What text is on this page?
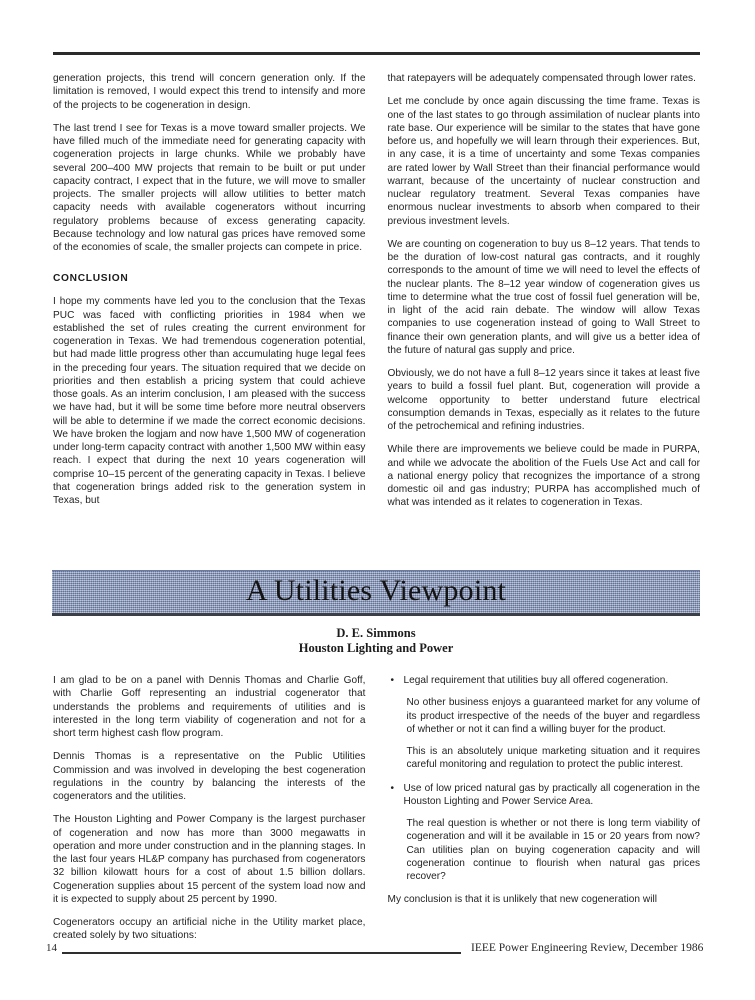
generation projects, this trend will concern generation only. If the limitation is removed, I would expect this trend to intensify and more of the projects to be cogeneration in design.

The last trend I see for Texas is a move toward smaller projects. We have filled much of the immediate need for generating capacity with cogeneration projects in large chunks. While we probably have several 200–400 MW projects that remain to be built or put under capacity contract, I expect that in the future, we will move to smaller projects. The smaller projects will allow utilities to better match capacity needs with available cogenerators without incurring regulatory problems because of excess generating capacity. Because technology and low natural gas prices have removed some of the economies of scale, the smaller projects can compete in price.

CONCLUSION

I hope my comments have led you to the conclusion that the Texas PUC was faced with conflicting priorities in 1984 when we established the set of rules creating the current environment for cogeneration in Texas. We had tremendous cogeneration potential, but had made little progress other than accumulating huge legal fees in the preceding four years. The situation required that we decide on priorities and then establish a pricing system that could achieve those goals. As an interim conclusion, I am pleased with the success we have had, but it will be some time before more neutral observers will be able to determine if we made the correct economic decisions. We have broken the logjam and now have 1,500 MW of cogeneration under long-term capacity contract with another 1,500 MW within easy reach. I expect that during the next 10 years cogeneration will comprise 10–15 percent of the generating capacity in Texas. I believe that cogeneration brings added risk to the generation system in Texas, but

that ratepayers will be adequately compensated through lower rates.

Let me conclude by once again discussing the time frame. Texas is one of the last states to go through assimilation of nuclear plants into rate base. Our experience will be similar to the states that have gone before us, and hopefully we will learn through their experiences. But, in any case, it is a time of uncertainty and some Texas companies are rated lower by Wall Street than their financial performance would warrant, because of the uncertainty of nuclear construction and nuclear regulatory treatment. Several Texas companies have enormous nuclear investments to absorb when compared to their previous investment levels.

We are counting on cogeneration to buy us 8–12 years. That tends to be the duration of low-cost natural gas contracts, and it roughly corresponds to the amount of time we will need to level the effects of the nuclear plants. The 8–12 year window of cogeneration gives us time to determine what the true cost of fossil fuel generation will be, in light of the acid rain debate. The window will allow Texas companies to use cogeneration instead of going to Wall Street to finance their own generation plants, and will give us a better idea of the future of natural gas supply and price.

Obviously, we do not have a full 8–12 years since it takes at least five years to build a fossil fuel plant. But, cogeneration will provide a welcome opportunity to better understand future electrical consumption demands in Texas, especially as it relates to the future of the petrochemical and refining industries.

While there are improvements we believe could be made in PURPA, and while we advocate the abolition of the Fuels Use Act and call for a national energy policy that recognizes the importance of a strong domestic oil and gas industry; PURPA has accomplished much of what was intended as it relates to cogeneration in Texas.

A Utilities Viewpoint
D. E. Simmons
Houston Lighting and Power

I am glad to be on a panel with Dennis Thomas and Charlie Goff, with Charlie Goff representing an industrial cogenerator that understands the problems and requirements of utilities and is interested in the long term viability of cogeneration and not for a short term highest cash flow program.

Dennis Thomas is a representative on the Public Utilities Commission and was involved in developing the best cogeneration regulations in the country by balancing the interests of the cogenerators and the utilities.

The Houston Lighting and Power Company is the largest purchaser of cogeneration and now has more than 3000 megawatts in operation and more under construction and in the planning stages. In the last four years HL&P company has purchased from cogenerators 32 billion kilowatt hours for a cost of about 1.5 billion dollars. Cogeneration supplies about 15 percent of the system load now and it is expected to supply about 25 percent by 1990.

Cogenerators occupy an artificial niche in the Utility market place, created solely by two situations:

• Legal requirement that utilities buy all offered cogeneration.

No other business enjoys a guaranteed market for any volume of its product irrespective of the needs of the buyer and regardless of whether or not it can find a willing buyer for the product.

This is an absolutely unique marketing situation and it requires careful monitoring and regulation to protect the public interest.

• Use of low priced natural gas by practically all cogeneration in the Houston Lighting and Power Service Area.

The real question is whether or not there is long term viability of cogeneration and will it be available in 15 or 20 years from now? Can utilities plan on buying cogeneration capacity and will cogeneration continue to flourish when natural gas prices recover?

My conclusion is that it is unlikely that new cogeneration will

14	IEEE Power Engineering Review, December 1986
